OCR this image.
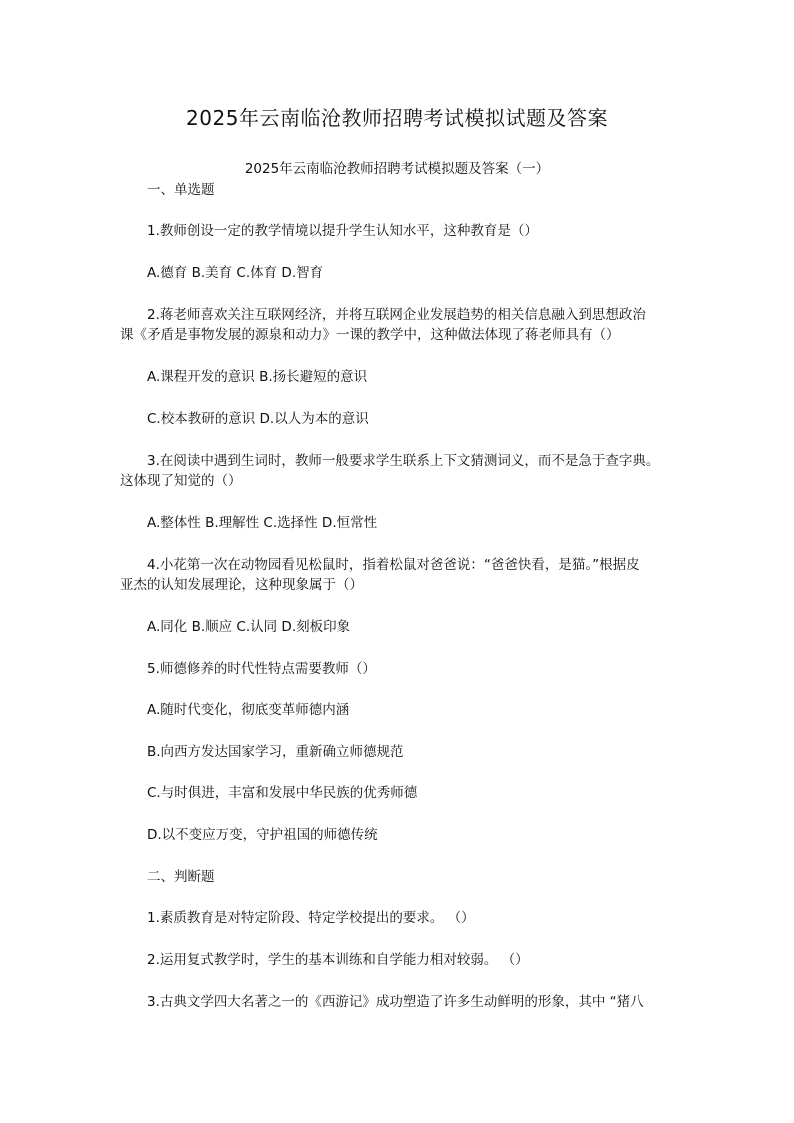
2025年云南临沧教师招聘考试模拟试题及答案

2025年云南临沧教师招聘考试模拟题及答案（一）

一、单选题

1.教师创设一定的教学情境以提升学生认知水平，这种教育是（）

A.德育 B.美育 C.体育 D.智育

2.蒋老师喜欢关注互联网经济，并将互联网企业发展趋势的相关信息融入到思想政治

课《矛盾是事物发展的源泉和动力》一课的教学中，这种做法体现了蒋老师具有（）

A.课程开发的意识 B.扬长避短的意识

C.校本教研的意识 D.以人为本的意识

3.在阅读中遇到生词时，教师一般要求学生联系上下文猜测词义，而不是急于查字典。

这体现了知觉的（）

A.整体性 B.理解性 C.选择性 D.恒常性

4.小花第一次在动物园看见松鼠时，指着松鼠对爸爸说：“爸爸快看，是猫。”根据皮

亚杰的认知发展理论，这种现象属于（）

A.同化 B.顺应 C.认同 D.刻板印象

5.师德修养的时代性特点需要教师（）

A.随时代变化，彻底变革师德内涵

B.向西方发达国家学习，重新确立师德规范

C.与时俱进，丰富和发展中华民族的优秀师德

D.以不变应万变，守护祖国的师德传统

二、判断题

1.素质教育是对特定阶段、特定学校提出的要求。 （）

2.运用复式教学时，学生的基本训练和自学能力相对较弱。 （）

3.古典文学四大名著之一的《西游记》成功塑造了许多生动鲜明的形象，其中 “猪八
